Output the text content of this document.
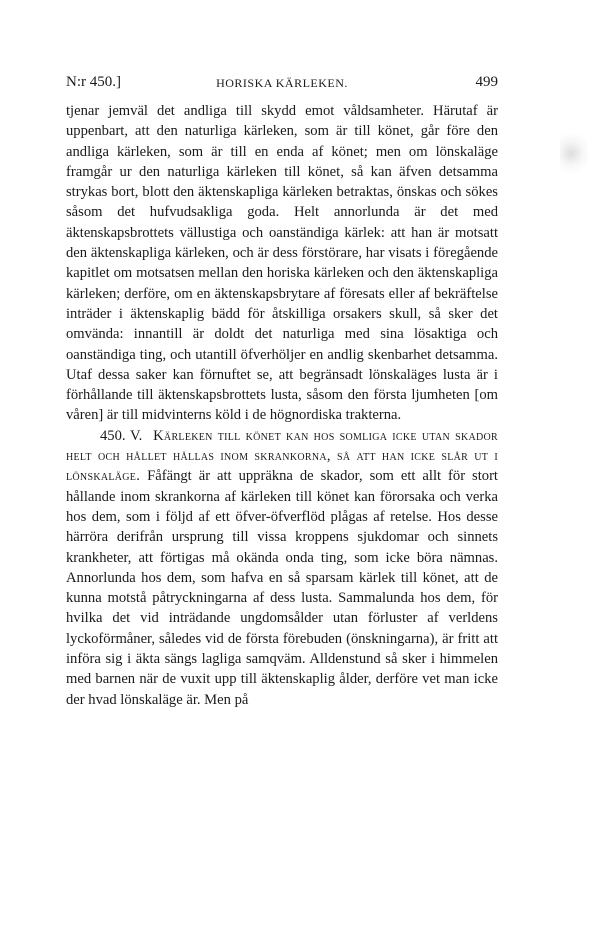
N:r 450.]	HORISKA KÄRLEKEN.	499

tjenar jemväl det andliga till skydd emot våldsamheter. Härutaf är uppenbart, att den naturliga kärleken, som är till könet, går före den andliga kärleken, som är till en enda af könet; men om lönskaläge framgår ur den naturliga kärleken till könet, så kan äfven detsamma strykas bort, blott den äktenskapliga kärleken betraktas, önskas och sökes såsom det hufvudsakliga goda. Helt annorlunda är det med äktenskapsbrottets vällustiga och oanständiga kärlek: att han är motsatt den äktenskapliga kärleken, och är dess förstörare, har visats i föregående kapitlet om motsatsen mellan den horiska kärleken och den äktenskapliga kärleken; derföre, om en äktenskapsbrytare af föresats eller af bekräftelse inträder i äktenskaplig bädd för åtskilliga orsakers skull, så sker det omvända: innantill är doldt det naturliga med sina lösaktiga och oanständiga ting, och utantill öfverhöljer en andlig skenbarhet detsamma. Utaf dessa saker kan förnuftet se, att begränsadt lönskaläges lusta är i förhållande till äktenskapsbrottets lusta, såsom den första ljumheten [om våren] är till midvinterns köld i de högnordiska trakterna.

450. V. Kärleken till könet kan hos somliga icke utan skador helt och hållet hållas inom skrankorna, så att han icke slår ut i lönskaläge. Fåfängt är att uppräkna de skador, som ett allt för stort hållande inom skrankorna af kärleken till könet kan förorsaka och verka hos dem, som i följd af ett öfver-öfverflöd plågas af retelse. Hos desse härröra derifrån ursprung till vissa kroppens sjukdomar och sinnets krankheter, att förtigas må okända onda ting, som icke böra nämnas. Annorlunda hos dem, som hafva en så sparsam kärlek till könet, att de kunna motstå påtryckningarna af dess lusta. Sammalunda hos dem, för hvilka det vid inträdande ungdomsålder utan förluster af verldens lyckoförmåner, således vid de första förebuden (önskningarna), är fritt att införa sig i äkta sängs lagliga samqväm. Alldenstund så sker i himmelen med barnen när de vuxit upp till äktenskaplig ålder, derföre vet man icke der hvad lönskaläge är. Men på
